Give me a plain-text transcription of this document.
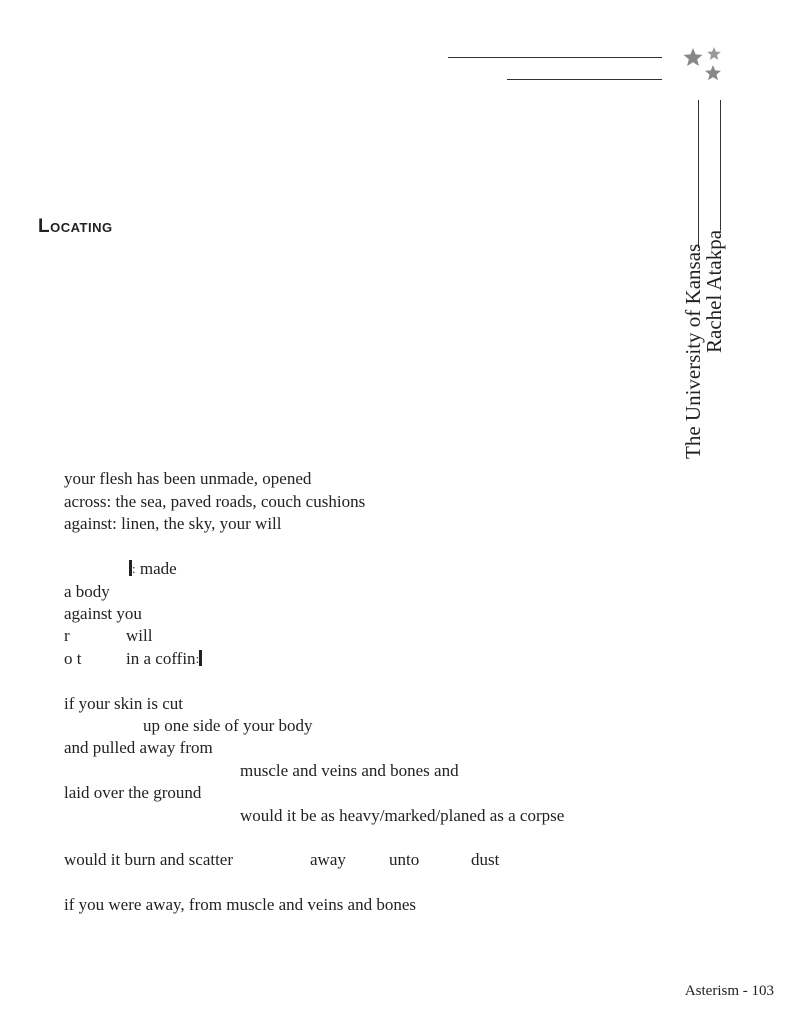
The University of Kansas
Rachel Atakpa
Locating
your flesh has been unmade, opened
across: the sea, paved roads, couch cushions
against: linen, the sky, your will
: made
a body
against you
r	will
o t	in a coffin:
if your skin is cut
up one side of your body
and pulled away from
muscle and veins and bones and
laid over the ground
would it be as heavy/marked/planed as a corpse
would it burn and scatter	away	unto	dust
if you were away, from muscle and veins and bones
Asterism - 103
